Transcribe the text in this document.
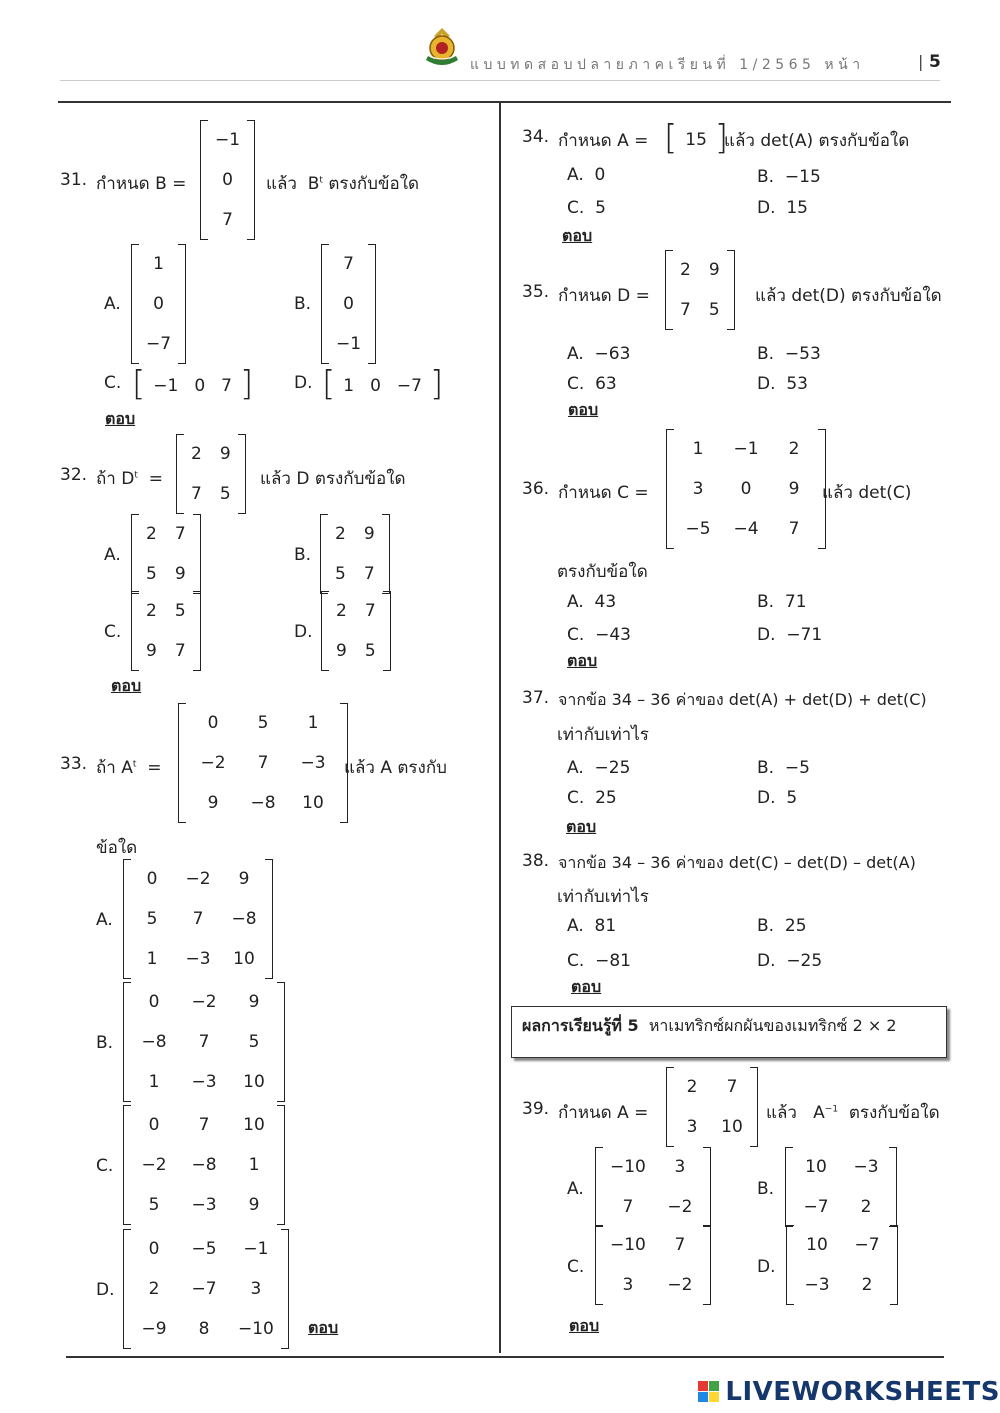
แบบทดสอบปลายภาคเรียนที่ 1/2565 หน้า	| 5
31. กำหนด B =
−1
0
7
แล้ว $B^t$ ตรงกับข้อใด
A.
1
0
−7
B.
7
0
−1
C. [ −1 0 7 ] D. [ 1 0 −7 ]
ตอบ
32. ถ้า $D^t$ =
2	9
7	5
แล้ว D ตรงกับข้อใด
A.
2	7
5	9
B.
2	9
5	7
C.
2	5
9	7
D.
2	7
9	5
ตอบ
33. ถ้า $A^t$ =
0	5	1
−2	7	−3
9	−8	10
แล้ว A ตรงกับ
ข้อใด
A.
0	−2	9
5	7	−8
1	−3	10
B.
0	−2	9
−8	7	5
1	−3	10
C.
0	7	10
−2	−8	1
5	−3	9
D.
0	−5	−1
2	−7	3
−9	8	−10 ตอบ
34. กำหนด A = [ 15 ]
แล้ว det(A) ตรงกับข้อใด
A. 0	B. −15
C. 5	D. 15
ตอบ
35. กำหนด D =
2	9
7	5
แล้ว det(D) ตรงกับข้อใด
A. −63	B. −53
C. 63	D. 53
ตอบ
36. กำหนด C =
1	−1	2
3	0	9
−5	−4	7
แล้ว det(C)
ตรงกับข้อใด
A. 43	B. 71
C. −43	D. −71
ตอบ
37. จากข้อ 34 – 36 ค่าของ det(A) + det(D) + det(C)
เท่ากับเท่าไร
A. −25	B. −5
C. 25	D. 5
ตอบ
38. จากข้อ 34 – 36 ค่าของ det(C) – det(D) – det(A)
เท่ากับเท่าไร
A. 81	B. 25
C. −81	D. −25
ตอบ
ผลการเรียนรู้ที่ 5 หาเมทริกซ์ผกผันของเมทริกซ์ 2 × 2
39. กำหนด A =
2	7
3	10
แล้ว $A^{-1}$ ตรงกับข้อใด
A.
−10	3
7	−2
B.
10	−3
−7	2
C.
−10	7
3	−2
D.
10	−7
−3	2
ตอบ
LIVEWORKSHEETS
